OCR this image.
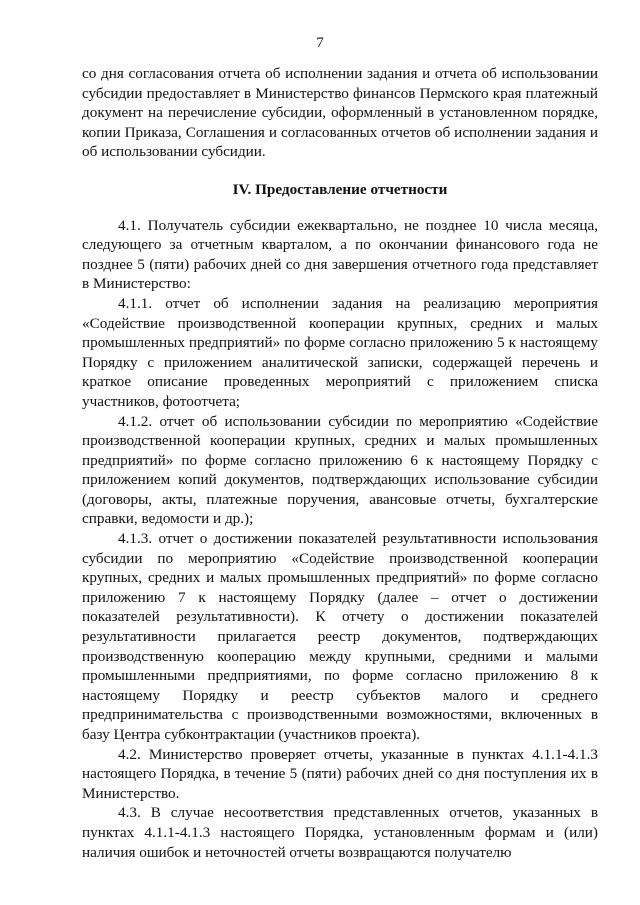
7

со дня согласования отчета об исполнении задания и отчета об использовании субсидии предоставляет в Министерство финансов Пермского края платежный документ на перечисление субсидии, оформленный в установленном порядке, копии Приказа, Соглашения и согласованных отчетов об исполнении задания и об использовании субсидии.

IV. Предоставление отчетности

4.1. Получатель субсидии ежеквартально, не позднее 10 числа месяца, следующего за отчетным кварталом, а по окончании финансового года не позднее 5 (пяти) рабочих дней со дня завершения отчетного года представляет в Министерство:

4.1.1. отчет об исполнении задания на реализацию мероприятия «Содействие производственной кооперации крупных, средних и малых промышленных предприятий» по форме согласно приложению 5 к настоящему Порядку с приложением аналитической записки, содержащей перечень и краткое описание проведенных мероприятий с приложением списка участников, фотоотчета;

4.1.2. отчет об использовании субсидии по мероприятию «Содействие производственной кооперации крупных, средних и малых промышленных предприятий» по форме согласно приложению 6 к настоящему Порядку с приложением копий документов, подтверждающих использование субсидии (договоры, акты, платежные поручения, авансовые отчеты, бухгалтерские справки, ведомости и др.);

4.1.3. отчет о достижении показателей результативности использования субсидии по мероприятию «Содействие производственной кооперации крупных, средних и малых промышленных предприятий» по форме согласно приложению 7 к настоящему Порядку (далее – отчет о достижении показателей результативности). К отчету о достижении показателей результативности прилагается реестр документов, подтверждающих производственную кооперацию между крупными, средними и малыми промышленными предприятиями, по форме согласно приложению 8 к настоящему Порядку и реестр субъектов малого и среднего предпринимательства с производственными возможностями, включенных в базу Центра субконтрактации (участников проекта).

4.2. Министерство проверяет отчеты, указанные в пунктах 4.1.1-4.1.3 настоящего Порядка, в течение 5 (пяти) рабочих дней со дня поступления их в Министерство.

4.3. В случае несоответствия представленных отчетов, указанных в пунктах 4.1.1-4.1.3 настоящего Порядка, установленным формам и (или) наличия ошибок и неточностей отчеты возвращаются получателю
